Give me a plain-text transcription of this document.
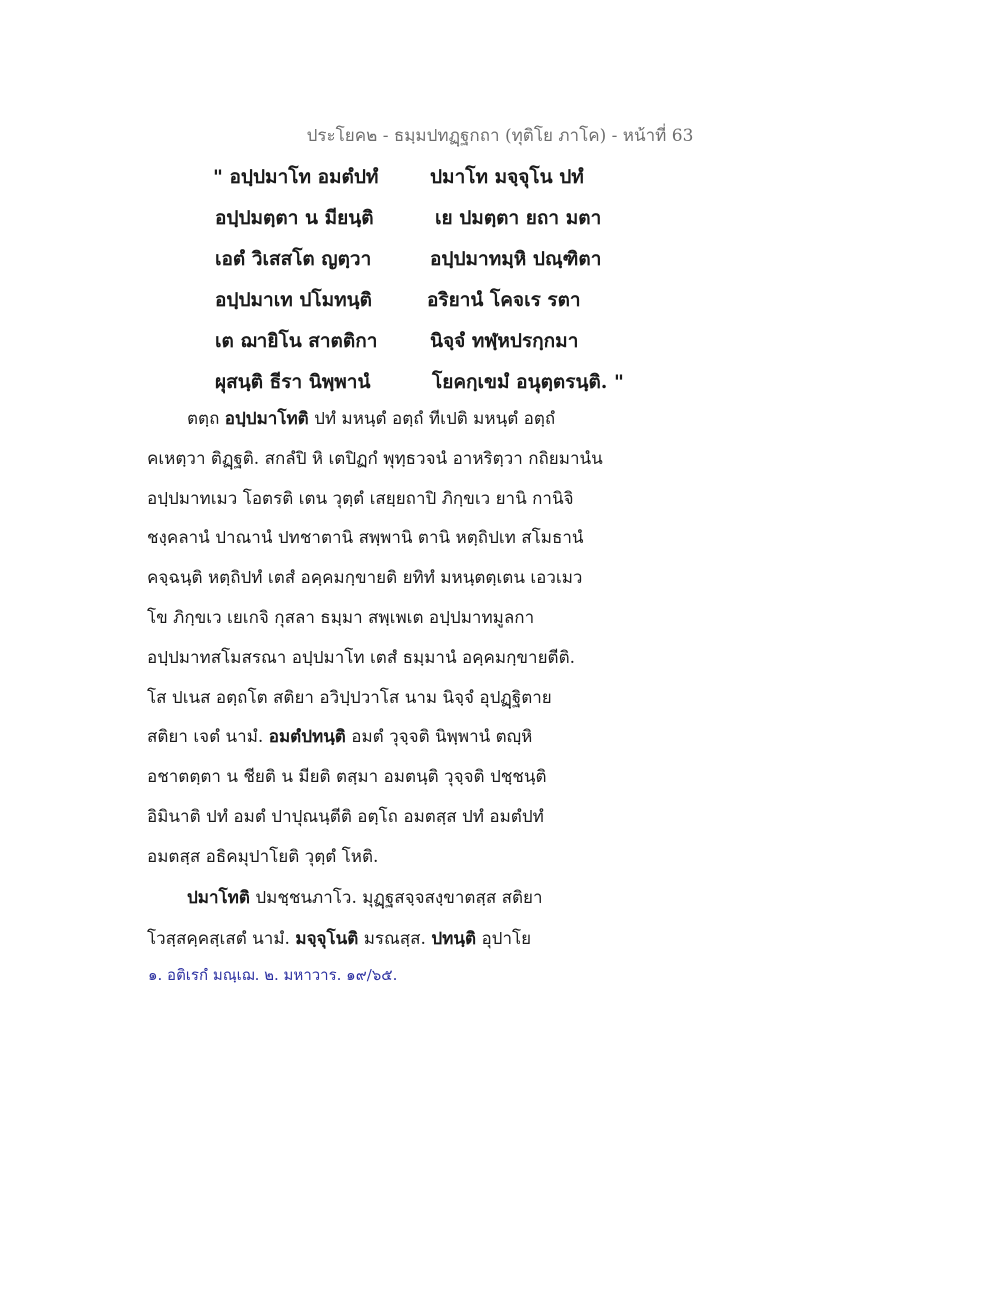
ประโยค๒ - ธมฺมปทฏฺฐกถา (ทุติโย ภาโค) - หน้าที่ 63
" อปฺปมาโท อมตํปทํ	ปมาโท มจฺจุโน ปทํ
อปฺปมตฺตา น มียนฺติ	เย ปมตฺตา ยถา มตา
เอตํ วิเสสโต ญตฺวา	อปฺปมาทมฺหิ ปณฺฑิตา
อปฺปมาเท ปโมทนฺติ	อริยานํ โคจเร รตา
เต ฌายิโน สาตติกา	นิจฺจํ ทฬฺหปรกฺกมา
ผุสนฺติ ธีรา นิพฺพานํ	โยคกฺเขมํ อนุตฺตรนฺติ. "
ตตฺถ อปฺปมาโทติ ปทํ มหนฺตํ อตฺถํ ทีเปติ มหนฺตํ อตฺถํ
คเหตฺวา ติฏฺฐติ. สกลํปิ หิ เตปิฏกํ พุทฺธวจนํ อาหริตฺวา กถิยมานํน
อปฺปมาทเมว โอตรติ เตน วุตฺตํ เสยฺยถาปิ ภิกฺขเว ยานิ กานิจิ
ชงฺคลานํ ปาณานํ ปทชาตานิ สพฺพานิ ตานิ หตฺถิปเท สโมธานํ
คจฺฉนฺติ หตฺถิปทํ เตสํ อคฺคมกฺขายติ ยทิทํ มหนฺตตฺเตน เอวเมว
โข ภิกฺขเว เยเกจิ กุสลา ธมฺมา สพฺเพเต อปฺปมาทมูลกา
อปฺปมาทสโมสรณา อปฺปมาโท เตสํ ธมฺมานํ อคฺคมกฺขายตีติ.
โส ปเนส อตฺถโต สติยา อวิปฺปวาโส นาม นิจฺจํ อุปฏฺฐิตาย
สติยา เจตํ นามํ. อมตํปทนฺติ อมตํ วุจฺจติ นิพฺพานํ ตญฺหิ
อชาตตฺตา น ชียติ น มียติ ตสฺมา อมตนฺติ วุจฺจติ ปชฺชนฺติ
อิมินาติ ปทํ อมตํ ปาปุณนฺตีติ อตฺโถ อมตสฺส ปทํ อมตํปทํ
อมตสฺส อธิคมุปาโยติ วุตฺตํ โหติ.
ปมาโทติ ปมชฺชนภาโว. มุฏฺฐสจฺจสงฺขาตสฺส สติยา
โวสฺสคฺคสฺเสตํ นามํ. มจฺจุโนติ มรณสฺส. ปทนฺติ อุปาโย
๑. อติเรกํ มณฺเฌ. ๒. มหาวาร. ๑๙/๖๕.
